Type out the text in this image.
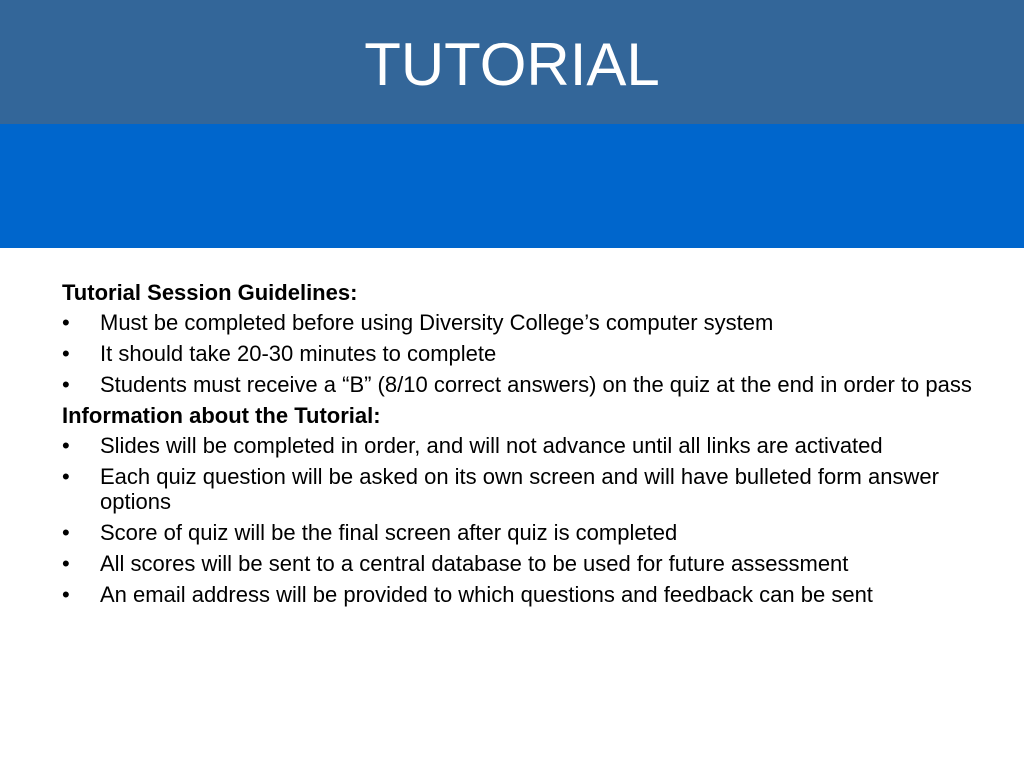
TUTORIAL
Tutorial Session Guidelines:
•	Must be completed before using Diversity College’s computer system
•	It should take 20-30 minutes to complete
•	Students must receive a “B” (8/10 correct answers) on the quiz at the end in order to pass
Information about the Tutorial:
•	Slides will be completed in order, and will not advance until all links are activated
•	Each quiz question will be asked on its own screen and will have bulleted form answer options
•	Score of quiz will be the final screen after quiz is completed
•	All scores will be sent to a central database to be used for future assessment
•	An email address will be provided to which questions and feedback can be sent
